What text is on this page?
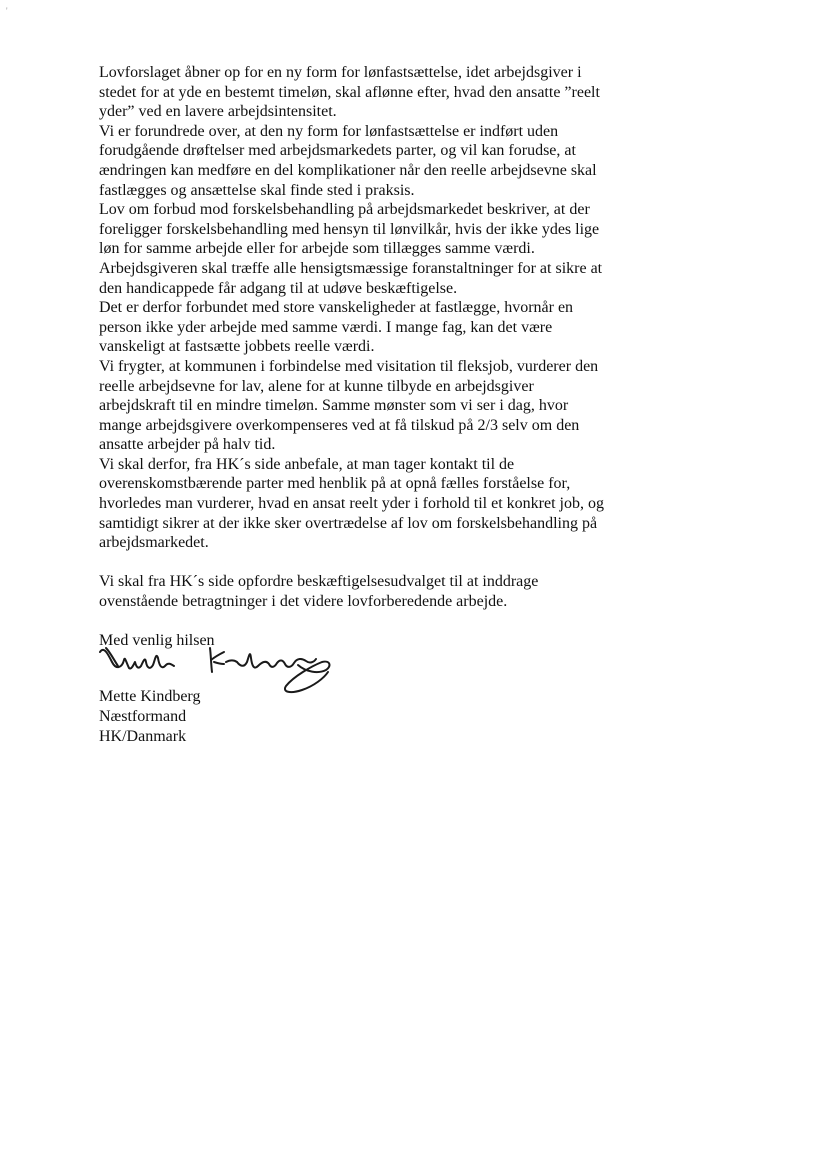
'
Lovforslaget åbner op for en ny form for lønfastsættelse, idet arbejdsgiver i
stedet for at yde en bestemt timeløn, skal aflønne efter, hvad den ansatte ”reelt
yder” ved en lavere arbejdsintensitet.
Vi er forundrede over, at den ny form for lønfastsættelse er indført uden
forudgående drøftelser med arbejdsmarkedets parter, og vil kan forudse, at
ændringen kan medføre en del komplikationer når den reelle arbejdsevne skal
fastlægges og ansættelse skal finde sted i praksis.
Lov om forbud mod forskelsbehandling på arbejdsmarkedet beskriver, at der
foreligger forskelsbehandling med hensyn til lønvilkår, hvis der ikke ydes lige
løn for samme arbejde eller for arbejde som tillægges samme værdi.
Arbejdsgiveren skal træffe alle hensigtsmæssige foranstaltninger for at sikre at
den handicappede får adgang til at udøve beskæftigelse.
Det er derfor forbundet med store vanskeligheder at fastlægge, hvornår en
person ikke yder arbejde med samme værdi. I mange fag, kan det være
vanskeligt at fastsætte jobbets reelle værdi.
Vi frygter, at kommunen i forbindelse med visitation til fleksjob, vurderer den
reelle arbejdsevne for lav, alene for at kunne tilbyde en arbejdsgiver
arbejdskraft til en mindre timeløn. Samme mønster som vi ser i dag, hvor
mange arbejdsgivere overkompenseres ved at få tilskud på 2/3 selv om den
ansatte arbejder på halv tid.
Vi skal derfor, fra HK´s side anbefale, at man tager kontakt til de
overenskomstbærende parter med henblik på at opnå fælles forståelse for,
hvorledes man vurderer, hvad en ansat reelt yder i forhold til et konkret job, og
samtidigt sikrer at der ikke sker overtrædelse af lov om forskelsbehandling på
arbejdsmarkedet.
Vi skal fra HK´s side opfordre beskæftigelsesudvalget til at inddrage
ovenstående betragtninger i det videre lovforberedende arbejde.
Med venlig hilsen
Mette Kindberg
Næstformand
HK/Danmark
